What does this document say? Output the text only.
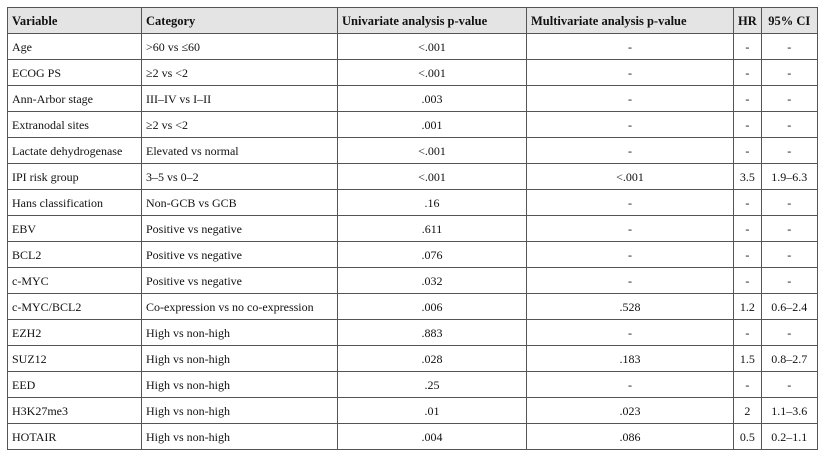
Variable	Category	Univariate analysis p-value	Multivariate analysis p-value	HR	95% CI
Age	>60 vs ≤60	<.001	-	-	-
ECOG PS	≥2 vs <2	<.001	-	-	-
Ann-Arbor stage	III–IV vs I–II	.003	-	-	-
Extranodal sites	≥2 vs <2	.001	-	-	-
Lactate dehydrogenase	Elevated vs normal	<.001	-	-	-
IPI risk group	3–5 vs 0–2	<.001	<.001	3.5	1.9–6.3
Hans classification	Non-GCB vs GCB	.16	-	-	-
EBV	Positive vs negative	.611	-	-	-
BCL2	Positive vs negative	.076	-	-	-
c-MYC	Positive vs negative	.032	-	-	-
c-MYC/BCL2	Co-expression vs no co-expression	.006	.528	1.2	0.6–2.4
EZH2	High vs non-high	.883	-	-	-
SUZ12	High vs non-high	.028	.183	1.5	0.8–2.7
EED	High vs non-high	.25	-	-	-
H3K27me3	High vs non-high	.01	.023	2	1.1–3.6
HOTAIR	High vs non-high	.004	.086	0.5	0.2–1.1
